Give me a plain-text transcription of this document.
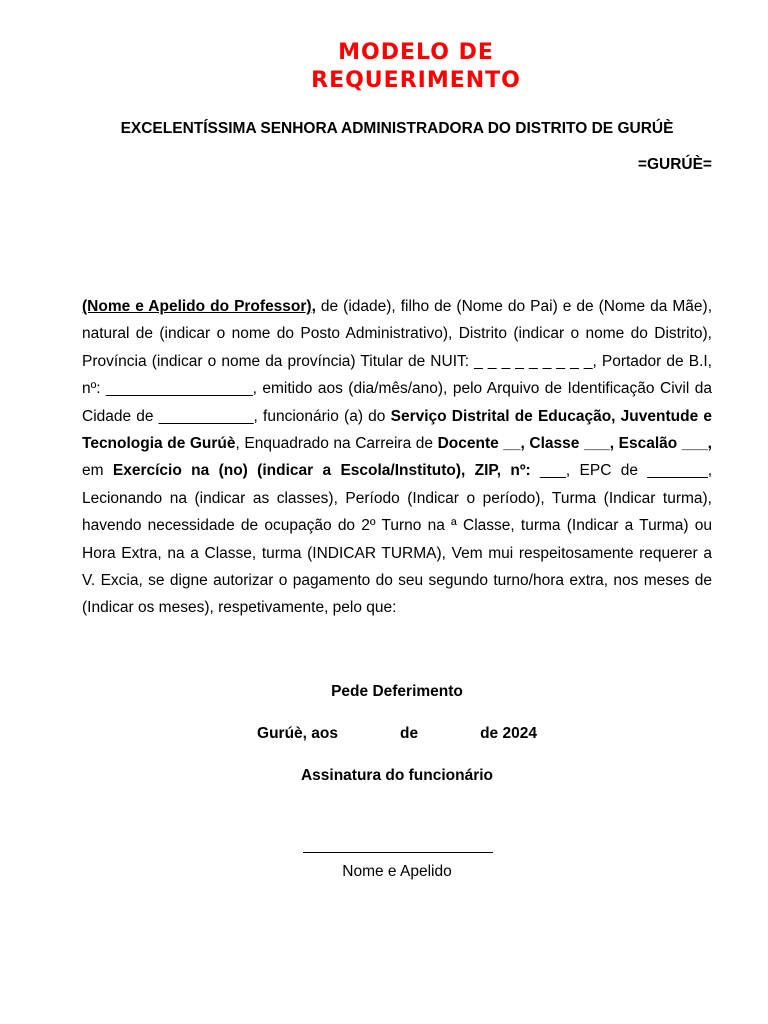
MODELO DE REQUERIMENTO

EXCELENTÍSSIMA SENHORA ADMINISTRADORA DO DISTRITO DE GURÚÈ

=GURÚÈ=

(Nome e Apelido do Professor), de (idade), filho de (Nome do Pai) e de (Nome da Mãe), natural de (indicar o nome do Posto Administrativo), Distrito (indicar o nome do Distrito), Província (indicar o nome da província) Titular de NUIT: _ _ _ _ _ _ _ _ _, Portador de B.I, nº: _________________, emitido aos (dia/mês/ano), pelo Arquivo de Identificação Civil da Cidade de ___________, funcionário (a) do Serviço Distrital de Educação, Juventude e Tecnologia de Gurúè, Enquadrado na Carreira de Docente __, Classe ___, Escalão ___, em Exercício na (no) (indicar a Escola/Instituto), ZIP, nº: ___, EPC de _______, Lecionando na (indicar as classes), Período (Indicar o período), Turma (Indicar turma), havendo necessidade de ocupação do 2º Turno na ª Classe, turma (Indicar a Turma) ou Hora Extra, na a Classe, turma (INDICAR TURMA), Vem mui respeitosamente requerer a V. Excia, se digne autorizar o pagamento do seu segundo turno/hora extra, nos meses de (Indicar os meses), respetivamente, pelo que:

Pede Deferimento

Gurúè, aos	de	de 2024

Assinatura do funcionário

Nome e Apelido
